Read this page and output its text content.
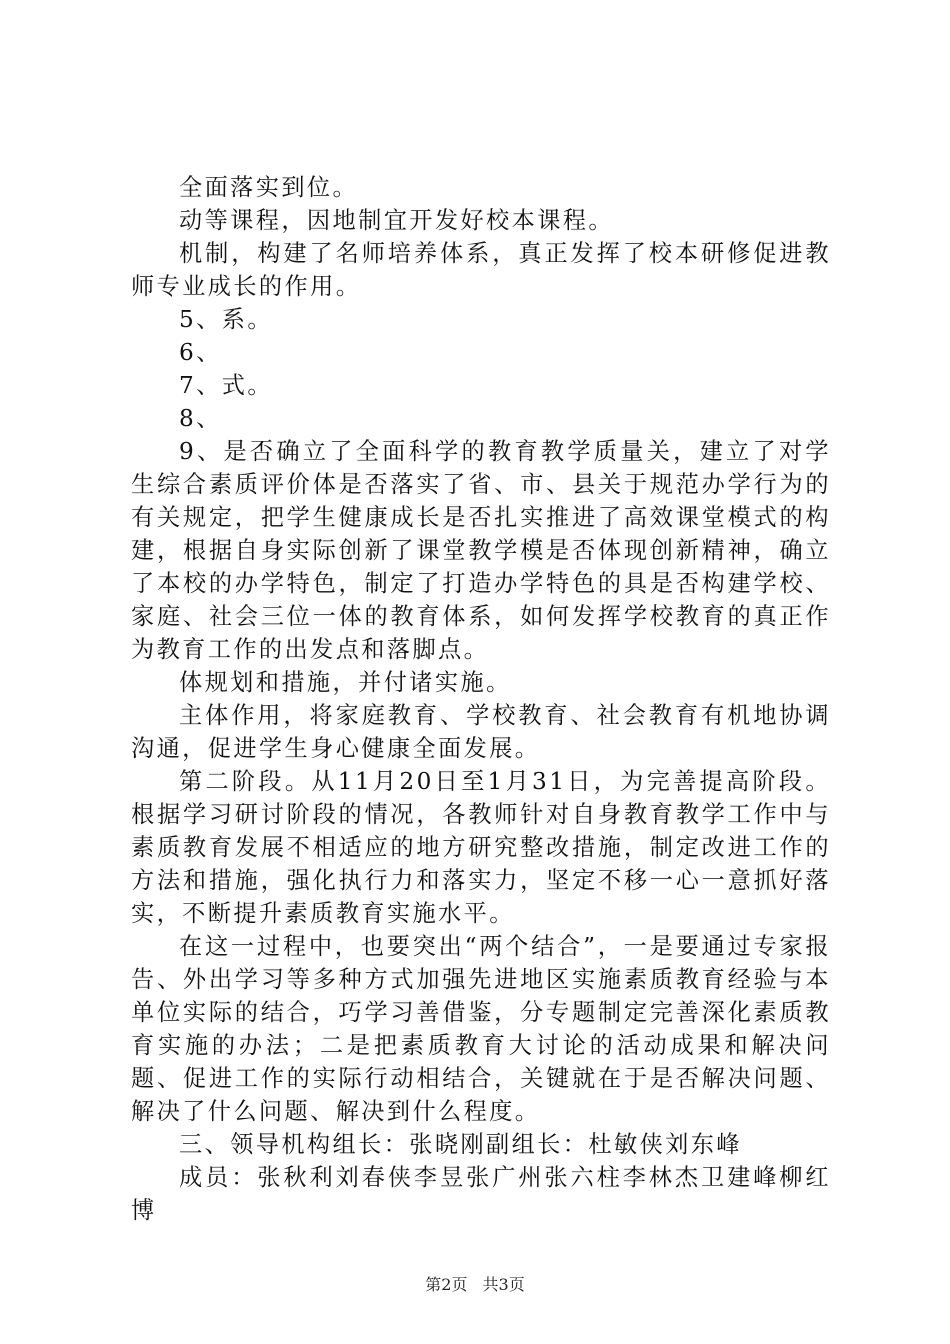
全面落实到位。

动等课程，因地制宜开发好校本课程。

机制，构建了名师培养体系，真正发挥了校本研修促进教师专业成长的作用。

5、系。

6、

7、式。

8、

9、是否确立了全面科学的教育教学质量关，建立了对学生综合素质评价体是否落实了省、市、县关于规范办学行为的有关规定，把学生健康成长是否扎实推进了高效课堂模式的构建，根据自身实际创新了课堂教学模是否体现创新精神，确立了本校的办学特色，制定了打造办学特色的具是否构建学校、家庭、社会三位一体的教育体系，如何发挥学校教育的真正作为教育工作的出发点和落脚点。

体规划和措施，并付诸实施。

主体作用，将家庭教育、学校教育、社会教育有机地协调沟通，促进学生身心健康全面发展。

第二阶段。从11月20日至1月31日，为完善提高阶段。根据学习研讨阶段的情况，各教师针对自身教育教学工作中与素质教育发展不相适应的地方研究整改措施，制定改进工作的方法和措施，强化执行力和落实力，坚定不移一心一意抓好落实，不断提升素质教育实施水平。

在这一过程中，也要突出“两个结合”，一是要通过专家报告、外出学习等多种方式加强先进地区实施素质教育经验与本单位实际的结合，巧学习善借鉴，分专题制定完善深化素质教育实施的办法；二是把素质教育大讨论的活动成果和解决问题、促进工作的实际行动相结合，关键就在于是否解决问题、解决了什么问题、解决到什么程度。

三、领导机构组长：张晓刚副组长：杜敏侠刘东峰

成员：张秋利刘春侠李昱张广州张六柱李林杰卫建峰柳红博

第2页 共3页
